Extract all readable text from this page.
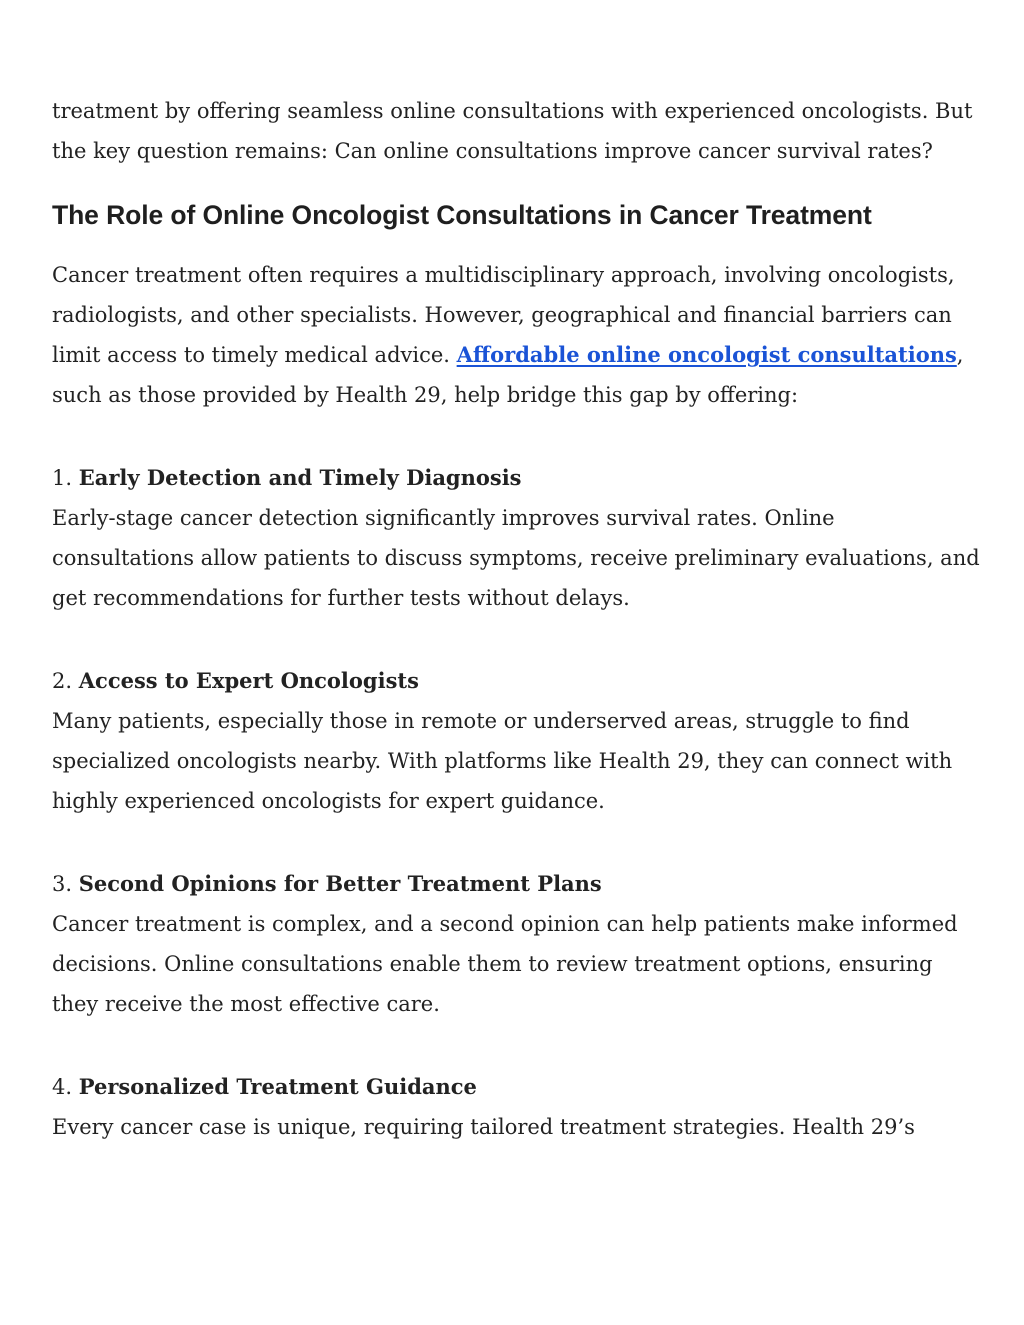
treatment by offering seamless online consultations with experienced oncologists. But the key question remains: Can online consultations improve cancer survival rates?

The Role of Online Oncologist Consultations in Cancer Treatment

Cancer treatment often requires a multidisciplinary approach, involving oncologists, radiologists, and other specialists. However, geographical and financial barriers can limit access to timely medical advice. Affordable online oncologist consultations, such as those provided by Health 29, help bridge this gap by offering:

1. Early Detection and Timely Diagnosis

Early-stage cancer detection significantly improves survival rates. Online consultations allow patients to discuss symptoms, receive preliminary evaluations, and get recommendations for further tests without delays.

2. Access to Expert Oncologists

Many patients, especially those in remote or underserved areas, struggle to find specialized oncologists nearby. With platforms like Health 29, they can connect with highly experienced oncologists for expert guidance.

3. Second Opinions for Better Treatment Plans

Cancer treatment is complex, and a second opinion can help patients make informed decisions. Online consultations enable them to review treatment options, ensuring they receive the most effective care.

4. Personalized Treatment Guidance

Every cancer case is unique, requiring tailored treatment strategies. Health 29’s
